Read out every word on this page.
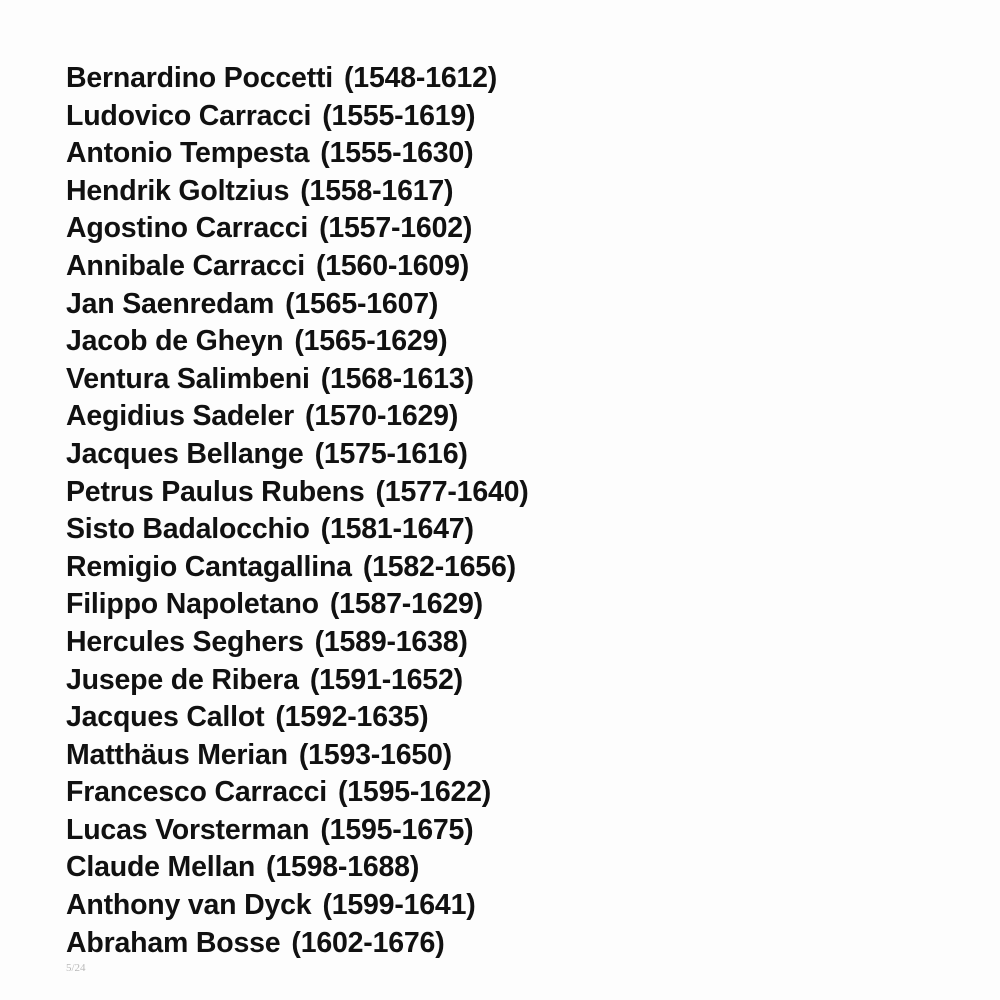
Bernardino Poccetti (1548-1612)
Ludovico Carracci (1555-1619)
Antonio Tempesta (1555-1630)
Hendrik Goltzius (1558-1617)
Agostino Carracci (1557-1602)
Annibale Carracci (1560-1609)
Jan Saenredam (1565-1607)
Jacob de Gheyn (1565-1629)
Ventura Salimbeni (1568-1613)
Aegidius Sadeler (1570-1629)
Jacques Bellange (1575-1616)
Petrus Paulus Rubens (1577-1640)
Sisto Badalocchio (1581-1647)
Remigio Cantagallina (1582-1656)
Filippo Napoletano (1587-1629)
Hercules Seghers (1589-1638)
Jusepe de Ribera (1591-1652)
Jacques Callot (1592-1635)
Matthäus Merian (1593-1650)
Francesco Carracci (1595-1622)
Lucas Vorsterman (1595-1675)
Claude Mellan (1598-1688)
Anthony van Dyck (1599-1641)
Abraham Bosse (1602-1676)
5/24
